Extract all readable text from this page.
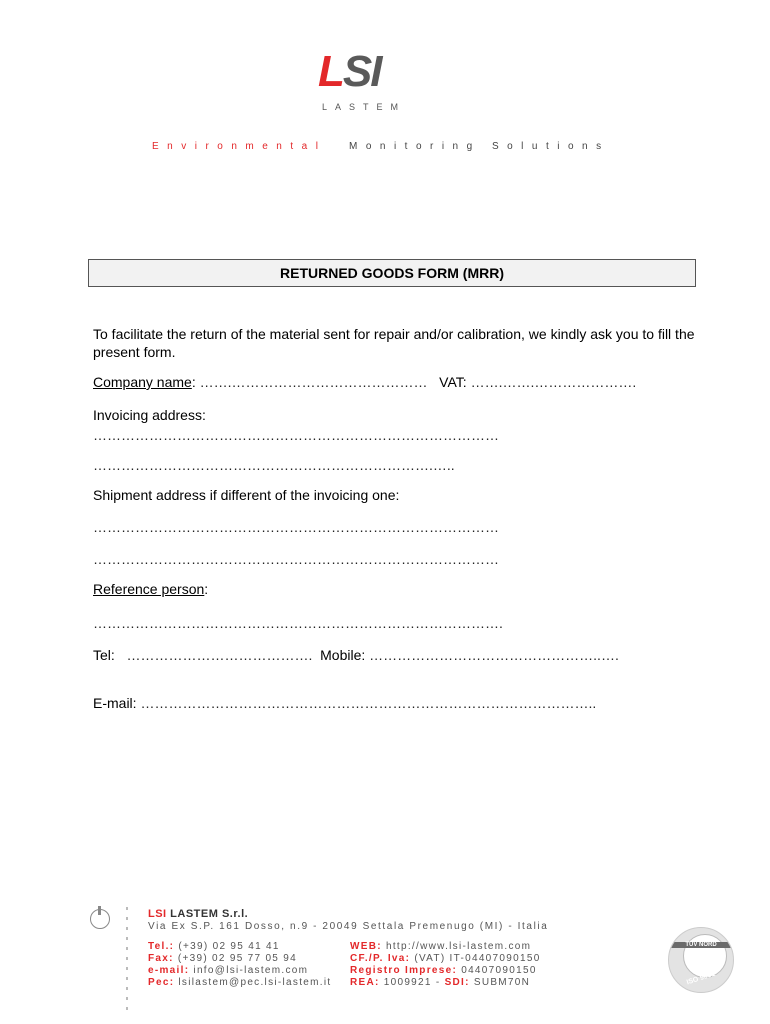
LSI
LASTEM
Environmental Monitoring Solutions
RETURNED GOODS FORM (MRR)
To facilitate the return of the material sent for repair and/or calibration, we kindly ask you to fill the present form.
Company name: …….…………………………………… VAT: …….…….………………….
Invoicing address:
……………………………………………………………………………
……………………………………………………………….…..
Shipment address if different of the invoicing one:
……………………………………………………………………………
……………………………………………………………………………
Reference person:
…………………………………………………………………………….
Tel: …………………………………. Mobile: …………………………………………..….
E-mail: ……………………………………………………………………………………..
LSI LASTEM S.r.l.
Via Ex S.P. 161 Dosso, n.9 - 20049 Settala Premenugo (MI) - Italia
Tel.: (+39) 02 95 41 41
Fax: (+39) 02 95 77 05 94
e-mail: info@lsi-lastem.com
Pec: lsilastem@pec.lsi-lastem.it
WEB: http://www.lsi-lastem.com
CF./P. Iva: (VAT) IT-04407090150
Registro Imprese: 04407090150
REA: 1009921 - SDI: SUBM70N
TÜV NORD
ISO 9001
